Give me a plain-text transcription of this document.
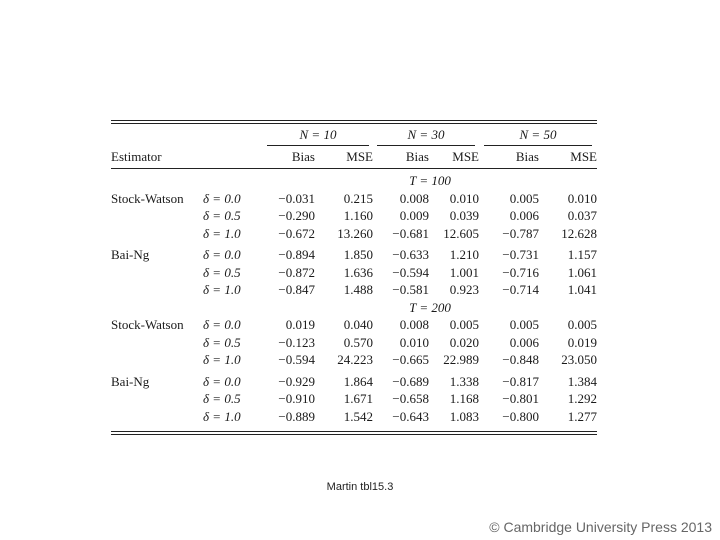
		N = 10		N = 30		N = 50	
Estimator		Bias	MSE	Bias	MSE	Bias	MSE

		T = 100					
Stock-Watson	δ = 0.0	−0.031	0.215	0.008	0.010	0.005	0.010
	δ = 0.5	−0.290	1.160	0.009	0.039	0.006	0.037
	δ = 1.0	−0.672	13.260	−0.681	12.605	−0.787	12.628

Bai-Ng	δ = 0.0	−0.894	1.850	−0.633	1.210	−0.731	1.157
	δ = 0.5	−0.872	1.636	−0.594	1.001	−0.716	1.061
	δ = 1.0	−0.847	1.488	−0.581	0.923	−0.714	1.041
		T = 200					
Stock-Watson	δ = 0.0	0.019	0.040	0.008	0.005	0.005	0.005
	δ = 0.5	−0.123	0.570	0.010	0.020	0.006	0.019
	δ = 1.0	−0.594	24.223	−0.665	22.989	−0.848	23.050

Bai-Ng	δ = 0.0	−0.929	1.864	−0.689	1.338	−0.817	1.384
	δ = 0.5	−0.910	1.671	−0.658	1.168	−0.801	1.292
	δ = 1.0	−0.889	1.542	−0.643	1.083	−0.800	1.277
Martin tbl15.3
© Cambridge University Press 2013
